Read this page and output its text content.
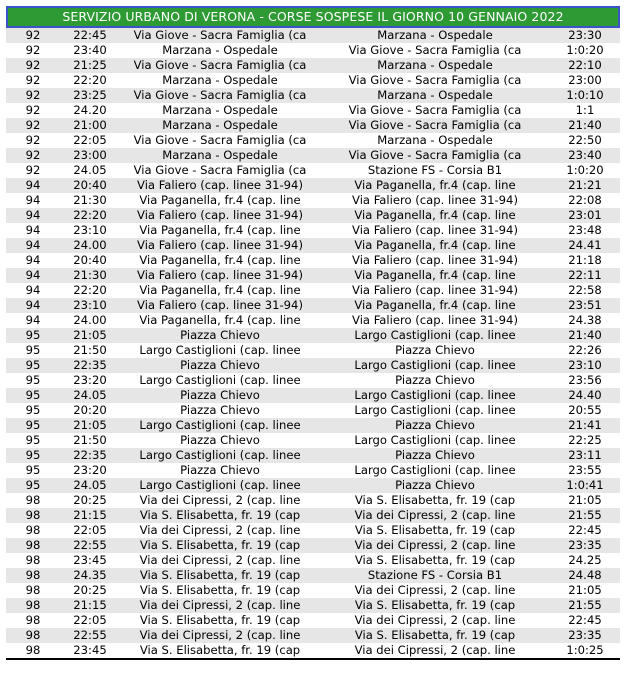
SERVIZIO URBANO DI VERONA - CORSE SOSPESE IL GIORNO 10 GENNAIO 2022
92	22:45	Via Giove - Sacra Famiglia (ca	Marzana - Ospedale	23:30
92	23:40	Marzana - Ospedale	Via Giove - Sacra Famiglia (ca	1:0:20
92	21:25	Via Giove - Sacra Famiglia (ca	Marzana - Ospedale	22:10
92	22:20	Marzana - Ospedale	Via Giove - Sacra Famiglia (ca	23:00
92	23:25	Via Giove - Sacra Famiglia (ca	Marzana - Ospedale	1:0:10
92	24.20	Marzana - Ospedale	Via Giove - Sacra Famiglia (ca	1:1
92	21:00	Marzana - Ospedale	Via Giove - Sacra Famiglia (ca	21:40
92	22:05	Via Giove - Sacra Famiglia (ca	Marzana - Ospedale	22:50
92	23:00	Marzana - Ospedale	Via Giove - Sacra Famiglia (ca	23:40
92	24.05	Via Giove - Sacra Famiglia (ca	Stazione FS - Corsia B1	1:0:20
94	20:40	Via Faliero (cap. linee 31-94)	Via Paganella, fr.4 (cap. line	21:21
94	21:30	Via Paganella, fr.4 (cap. line	Via Faliero (cap. linee 31-94)	22:08
94	22:20	Via Faliero (cap. linee 31-94)	Via Paganella, fr.4 (cap. line	23:01
94	23:10	Via Paganella, fr.4 (cap. line	Via Faliero (cap. linee 31-94)	23:48
94	24.00	Via Faliero (cap. linee 31-94)	Via Paganella, fr.4 (cap. line	24.41
94	20:40	Via Paganella, fr.4 (cap. line	Via Faliero (cap. linee 31-94)	21:18
94	21:30	Via Faliero (cap. linee 31-94)	Via Paganella, fr.4 (cap. line	22:11
94	22:20	Via Paganella, fr.4 (cap. line	Via Faliero (cap. linee 31-94)	22:58
94	23:10	Via Faliero (cap. linee 31-94)	Via Paganella, fr.4 (cap. line	23:51
94	24.00	Via Paganella, fr.4 (cap. line	Via Faliero (cap. linee 31-94)	24.38
95	21:05	Piazza Chievo	Largo Castiglioni (cap. linee	21:40
95	21:50	Largo Castiglioni (cap. linee	Piazza Chievo	22:26
95	22:35	Piazza Chievo	Largo Castiglioni (cap. linee	23:10
95	23:20	Largo Castiglioni (cap. linee	Piazza Chievo	23:56
95	24.05	Piazza Chievo	Largo Castiglioni (cap. linee	24.40
95	20:20	Piazza Chievo	Largo Castiglioni (cap. linee	20:55
95	21:05	Largo Castiglioni (cap. linee	Piazza Chievo	21:41
95	21:50	Piazza Chievo	Largo Castiglioni (cap. linee	22:25
95	22:35	Largo Castiglioni (cap. linee	Piazza Chievo	23:11
95	23:20	Piazza Chievo	Largo Castiglioni (cap. linee	23:55
95	24.05	Largo Castiglioni (cap. linee	Piazza Chievo	1:0:41
98	20:25	Via dei Cipressi, 2 (cap. line	Via S. Elisabetta, fr. 19 (cap	21:05
98	21:15	Via S. Elisabetta, fr. 19 (cap	Via dei Cipressi, 2 (cap. line	21:55
98	22:05	Via dei Cipressi, 2 (cap. line	Via S. Elisabetta, fr. 19 (cap	22:45
98	22:55	Via S. Elisabetta, fr. 19 (cap	Via dei Cipressi, 2 (cap. line	23:35
98	23:45	Via dei Cipressi, 2 (cap. line	Via S. Elisabetta, fr. 19 (cap	24.25
98	24.35	Via S. Elisabetta, fr. 19 (cap	Stazione FS - Corsia B1	24.48
98	20:25	Via S. Elisabetta, fr. 19 (cap	Via dei Cipressi, 2 (cap. line	21:05
98	21:15	Via dei Cipressi, 2 (cap. line	Via S. Elisabetta, fr. 19 (cap	21:55
98	22:05	Via S. Elisabetta, fr. 19 (cap	Via dei Cipressi, 2 (cap. line	22:45
98	22:55	Via dei Cipressi, 2 (cap. line	Via S. Elisabetta, fr. 19 (cap	23:35
98	23:45	Via S. Elisabetta, fr. 19 (cap	Via dei Cipressi, 2 (cap. line	1:0:25
